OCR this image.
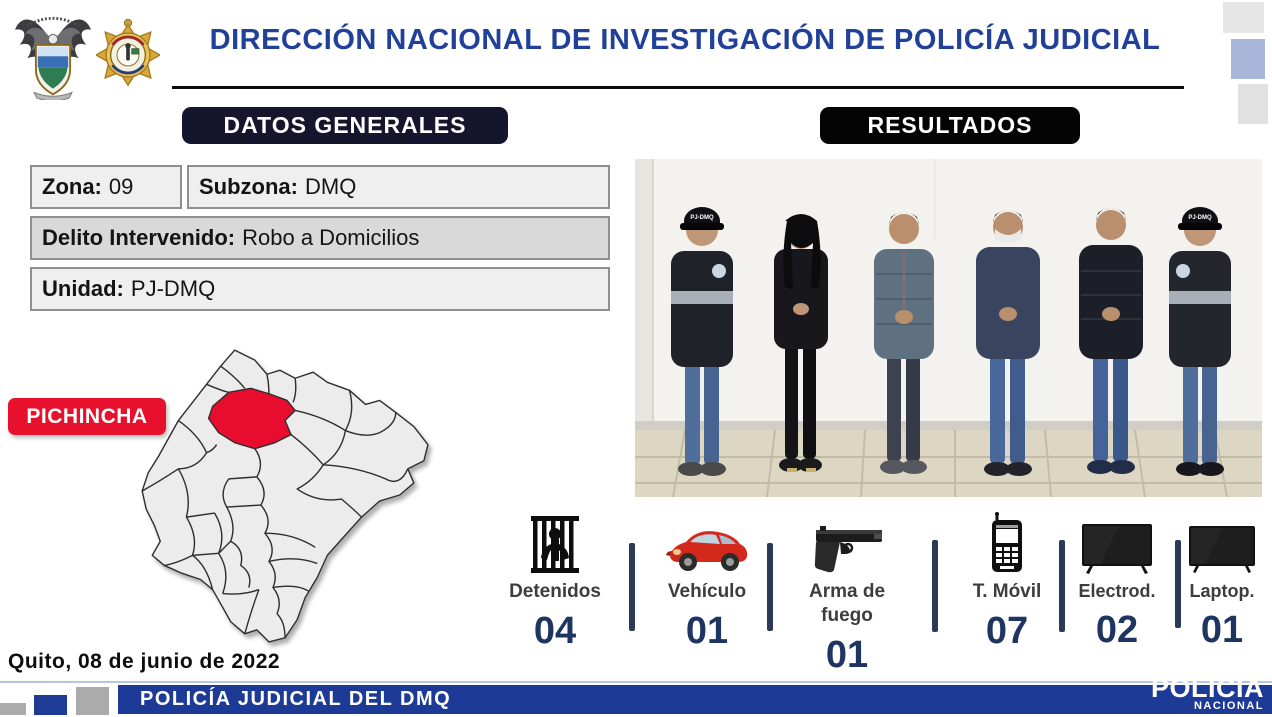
DIRECCIÓN NACIONAL DE INVESTIGACIÓN DE POLICÍA JUDICIAL
DATOS GENERALES	RESULTADOS
Zona: 09	Subzona: DMQ
Delito Intervenido: Robo a Domicilios
Unidad: PJ-DMQ
PICHINCHA
Quito, 08 de junio de 2022
PJ-DMQ	PJ-DMQ
Detenidos
04
Vehículo
01
Arma de fuego
01
T. Móvil
07
Electrod.
02
Laptop.
01
POLICÍA JUDICIAL DEL DMQ	POLICÍA
NACIONAL
